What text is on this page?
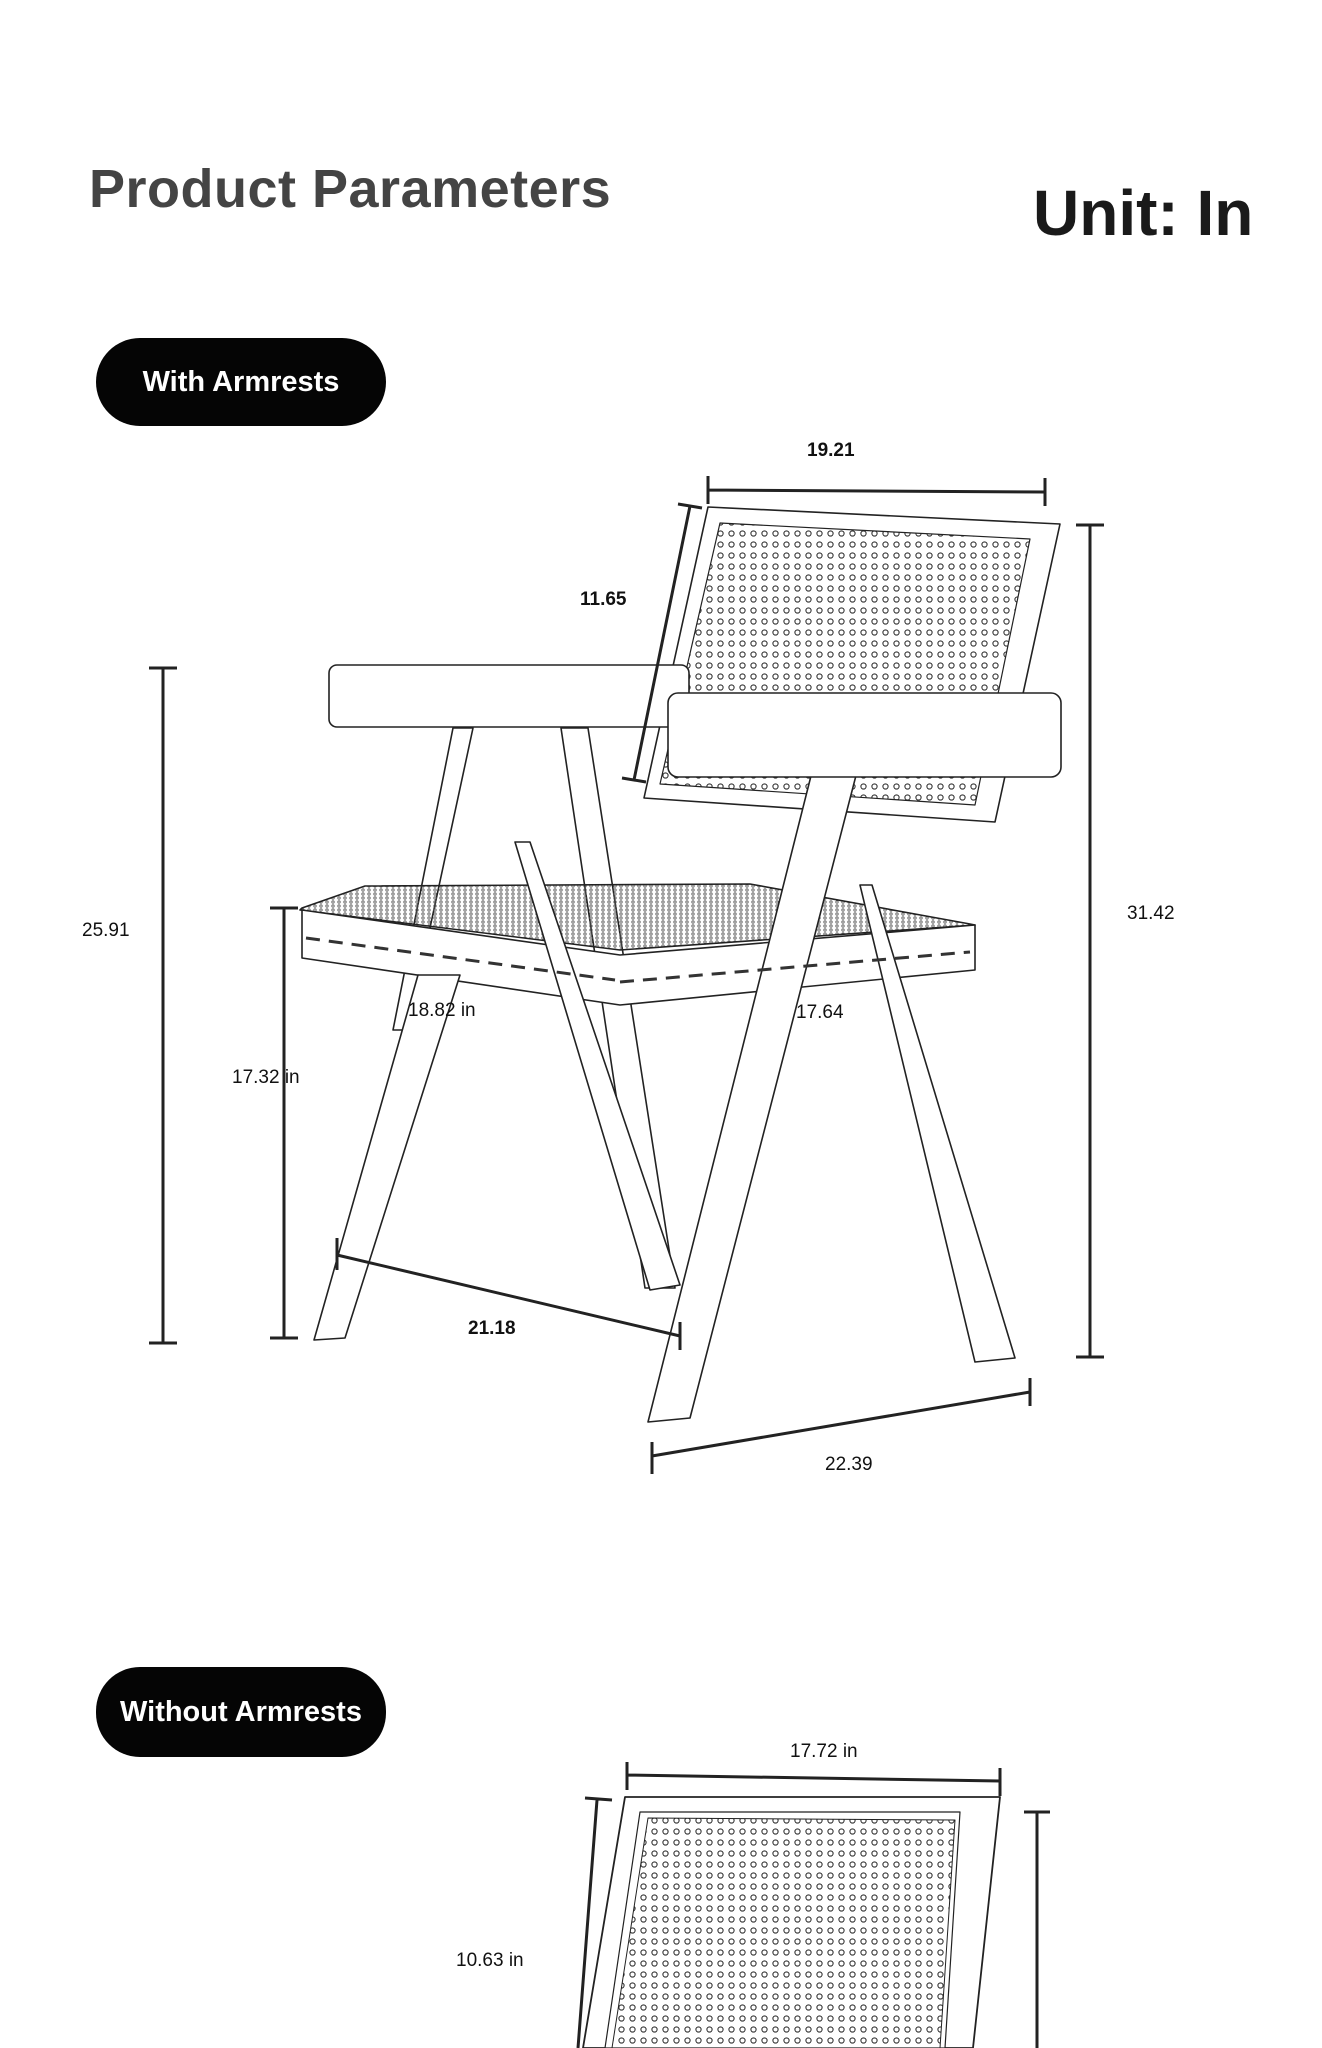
Product Parameters	Unit: In
With Armrests
19.21
11.65
25.91
31.42
18.82 in	17.64
17.32 in
21.18
22.39
Without Armrests
17.72 in
10.63 in
